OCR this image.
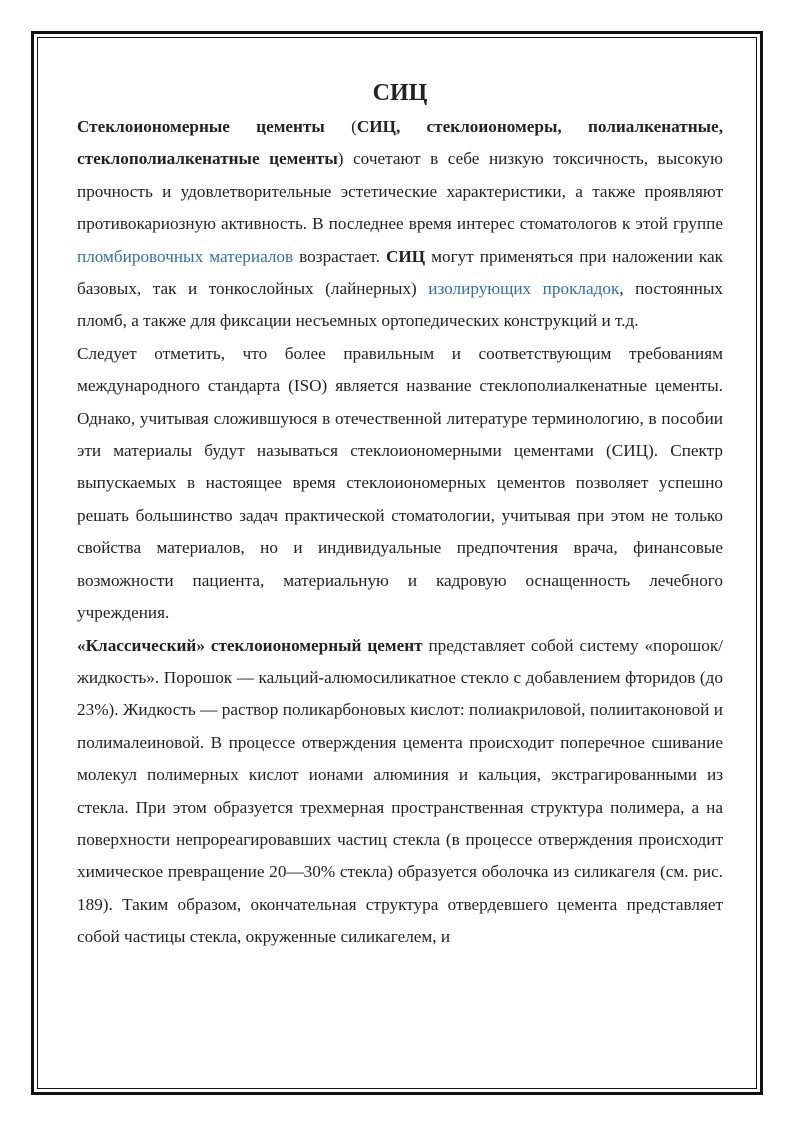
СИЦ

Стеклоиономерные цементы (СИЦ, стеклоиономеры, полиалкенатные, стеклополиалкенатные цементы) сочетают в себе низкую токсичность, высокую прочность и удовлетворительные эстетические характеристики, а также проявляют противокариозную активность. В последнее время интерес стоматологов к этой группе пломбировочных материалов возрастает. СИЦ могут применяться при наложении как базовых, так и тонкослойных (лайнерных) изолирующих прокладок, постоянных пломб, а также для фиксации несъемных ортопедических конструкций и т.д.

Следует отметить, что более правильным и соответствующим требованиям международного стандарта (ISO) является название стеклополиалкенатные цементы. Однако, учитывая сложившуюся в отечественной литературе терминологию, в пособии эти материалы будут называться стеклоиономерными цементами (СИЦ). Спектр выпускаемых в настоящее время стеклоиономерных цементов позволяет успешно решать большинство задач практической стоматологии, учитывая при этом не только свойства материалов, но и индивидуальные предпочтения врача, финансовые возможности пациента, материальную и кадровую оснащенность лечебного учреждения.

«Классический» стеклоиономерный цемент представляет собой систему «порошок/жидкость». Порошок — кальций-алюмосиликатное стекло с добавлением фторидов (до 23%). Жидкость — раствор поликарбоновых кислот: полиакриловой, полиитаконовой и полималеиновой. В процессе отверждения цемента происходит поперечное сшивание молекул полимерных кислот ионами алюминия и кальция, экстрагированными из стекла. При этом образуется трехмерная пространственная структура полимера, а на поверхности непрореагировавших частиц стекла (в процессе отверждения происходит химическое превращение 20—30% стекла) образуется оболочка из силикагеля (см. рис. 189). Таким образом, окончательная структура отвердевшего цемента представляет собой частицы стекла, окруженные силикагелем, и
